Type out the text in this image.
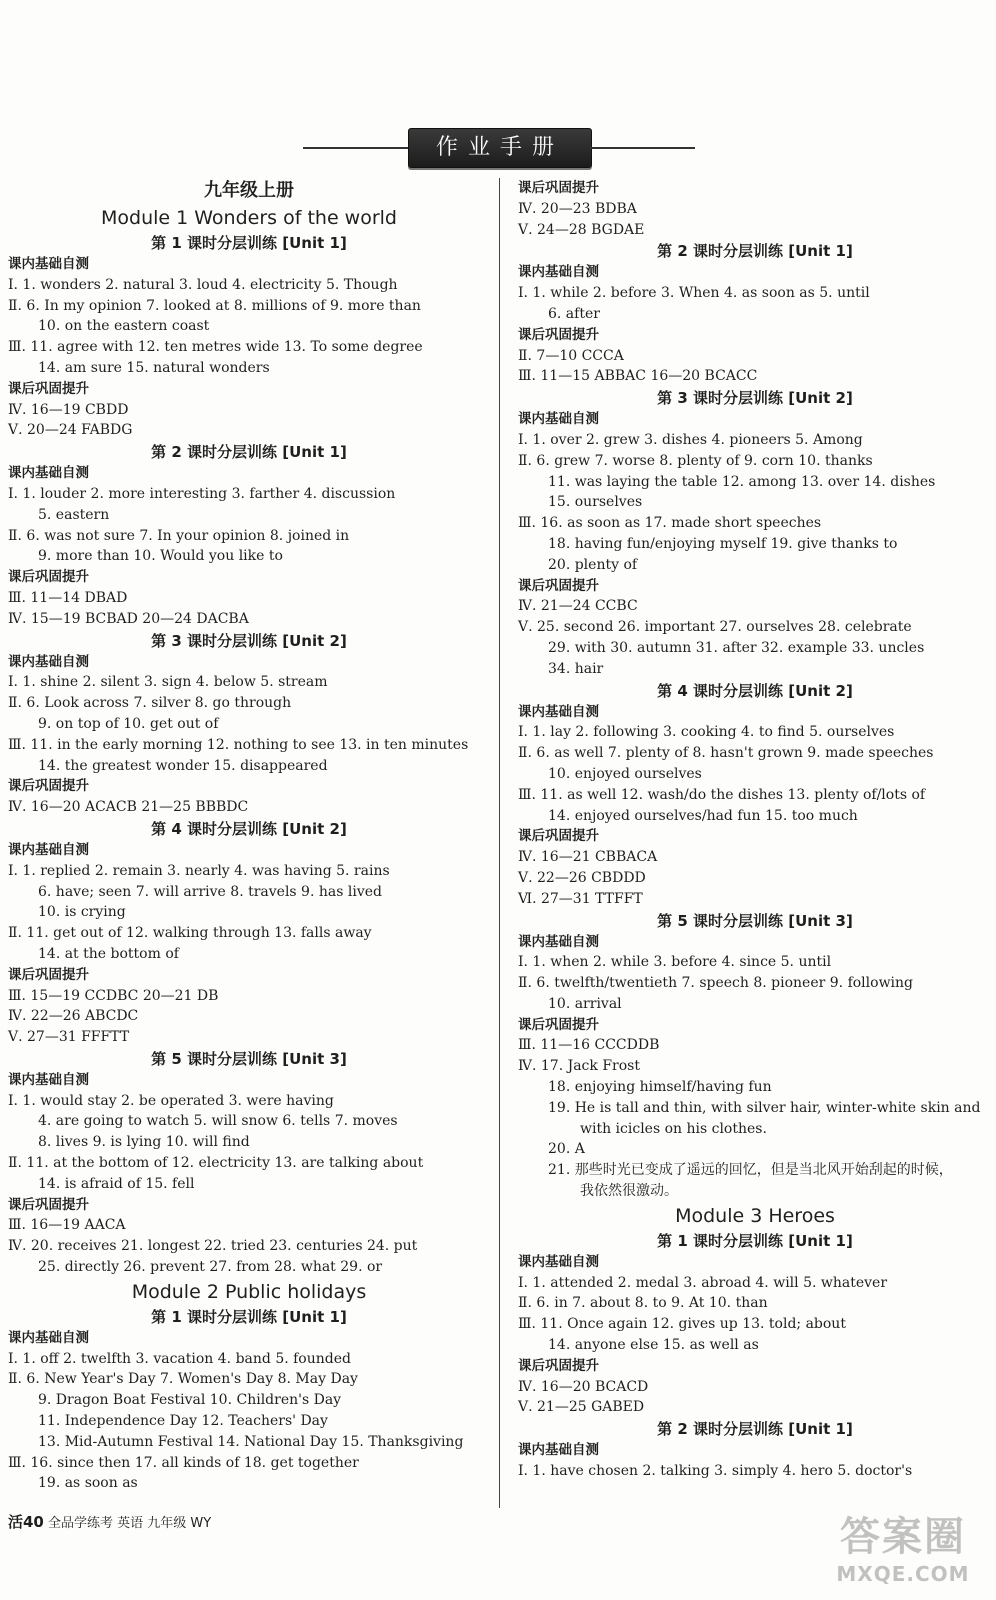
作业手册
九年级上册
Module 1 Wonders of the world
第 1 课时分层训练 [Unit 1]
课内基础自测
Ⅰ. 1. wonders 2. natural 3. loud 4. electricity 5. Though
Ⅱ. 6. In my opinion 7. looked at 8. millions of 9. more than
10. on the eastern coast
Ⅲ. 11. agree with 12. ten metres wide 13. To some degree
14. am sure 15. natural wonders
课后巩固提升
Ⅳ. 16—19 CBDD
Ⅴ. 20—24 FABDG
第 2 课时分层训练 [Unit 1]
课内基础自测
Ⅰ. 1. louder 2. more interesting 3. farther 4. discussion
5. eastern
Ⅱ. 6. was not sure 7. In your opinion 8. joined in
9. more than 10. Would you like to
课后巩固提升
Ⅲ. 11—14 DBAD
Ⅳ. 15—19 BCBAD 20—24 DACBA
第 3 课时分层训练 [Unit 2]
课内基础自测
Ⅰ. 1. shine 2. silent 3. sign 4. below 5. stream
Ⅱ. 6. Look across 7. silver 8. go through
9. on top of 10. get out of
Ⅲ. 11. in the early morning 12. nothing to see 13. in ten minutes
14. the greatest wonder 15. disappeared
课后巩固提升
Ⅳ. 16—20 ACACB 21—25 BBBDC
第 4 课时分层训练 [Unit 2]
课内基础自测
Ⅰ. 1. replied 2. remain 3. nearly 4. was having 5. rains
6. have; seen 7. will arrive 8. travels 9. has lived
10. is crying
Ⅱ. 11. get out of 12. walking through 13. falls away
14. at the bottom of
课后巩固提升
Ⅲ. 15—19 CCDBC 20—21 DB
Ⅳ. 22—26 ABCDC
Ⅴ. 27—31 FFFTT
第 5 课时分层训练 [Unit 3]
课内基础自测
Ⅰ. 1. would stay 2. be operated 3. were having
4. are going to watch 5. will snow 6. tells 7. moves
8. lives 9. is lying 10. will find
Ⅱ. 11. at the bottom of 12. electricity 13. are talking about
14. is afraid of 15. fell
课后巩固提升
Ⅲ. 16—19 AACA
Ⅳ. 20. receives 21. longest 22. tried 23. centuries 24. put
25. directly 26. prevent 27. from 28. what 29. or
Module 2 Public holidays
第 1 课时分层训练 [Unit 1]
课内基础自测
Ⅰ. 1. off 2. twelfth 3. vacation 4. band 5. founded
Ⅱ. 6. New Year's Day 7. Women's Day 8. May Day
9. Dragon Boat Festival 10. Children's Day
11. Independence Day 12. Teachers' Day
13. Mid-Autumn Festival 14. National Day 15. Thanksgiving
Ⅲ. 16. since then 17. all kinds of 18. get together
19. as soon as
课后巩固提升
Ⅳ. 20—23 BDBA
Ⅴ. 24—28 BGDAE
第 2 课时分层训练 [Unit 1]
课内基础自测
Ⅰ. 1. while 2. before 3. When 4. as soon as 5. until
6. after
课后巩固提升
Ⅱ. 7—10 CCCA
Ⅲ. 11—15 ABBAC 16—20 BCACC
第 3 课时分层训练 [Unit 2]
课内基础自测
Ⅰ. 1. over 2. grew 3. dishes 4. pioneers 5. Among
Ⅱ. 6. grew 7. worse 8. plenty of 9. corn 10. thanks
11. was laying the table 12. among 13. over 14. dishes
15. ourselves
Ⅲ. 16. as soon as 17. made short speeches
18. having fun/enjoying myself 19. give thanks to
20. plenty of
课后巩固提升
Ⅳ. 21—24 CCBC
Ⅴ. 25. second 26. important 27. ourselves 28. celebrate
29. with 30. autumn 31. after 32. example 33. uncles
34. hair
第 4 课时分层训练 [Unit 2]
课内基础自测
Ⅰ. 1. lay 2. following 3. cooking 4. to find 5. ourselves
Ⅱ. 6. as well 7. plenty of 8. hasn't grown 9. made speeches
10. enjoyed ourselves
Ⅲ. 11. as well 12. wash/do the dishes 13. plenty of/lots of
14. enjoyed ourselves/had fun 15. too much
课后巩固提升
Ⅳ. 16—21 CBBACA
Ⅴ. 22—26 CBDDD
Ⅵ. 27—31 TTFFT
第 5 课时分层训练 [Unit 3]
课内基础自测
Ⅰ. 1. when 2. while 3. before 4. since 5. until
Ⅱ. 6. twelfth/twentieth 7. speech 8. pioneer 9. following
10. arrival
课后巩固提升
Ⅲ. 11—16 CCCDDB
Ⅳ. 17. Jack Frost
18. enjoying himself/having fun
19. He is tall and thin, with silver hair, winter-white skin and
with icicles on his clothes.
20. A
21. 那些时光已变成了遥远的回忆，但是当北风开始刮起的时候，
我依然很激动。
Module 3 Heroes
第 1 课时分层训练 [Unit 1]
课内基础自测
Ⅰ. 1. attended 2. medal 3. abroad 4. will 5. whatever
Ⅱ. 6. in 7. about 8. to 9. At 10. than
Ⅲ. 11. Once again 12. gives up 13. told; about
14. anyone else 15. as well as
课后巩固提升
Ⅳ. 16—20 BCACD
Ⅴ. 21—25 GABED
第 2 课时分层训练 [Unit 1]
课内基础自测
Ⅰ. 1. have chosen 2. talking 3. simply 4. hero 5. doctor's
活40 全品学练考 英语 九年级 WY	答案圈
MXQE.COM
